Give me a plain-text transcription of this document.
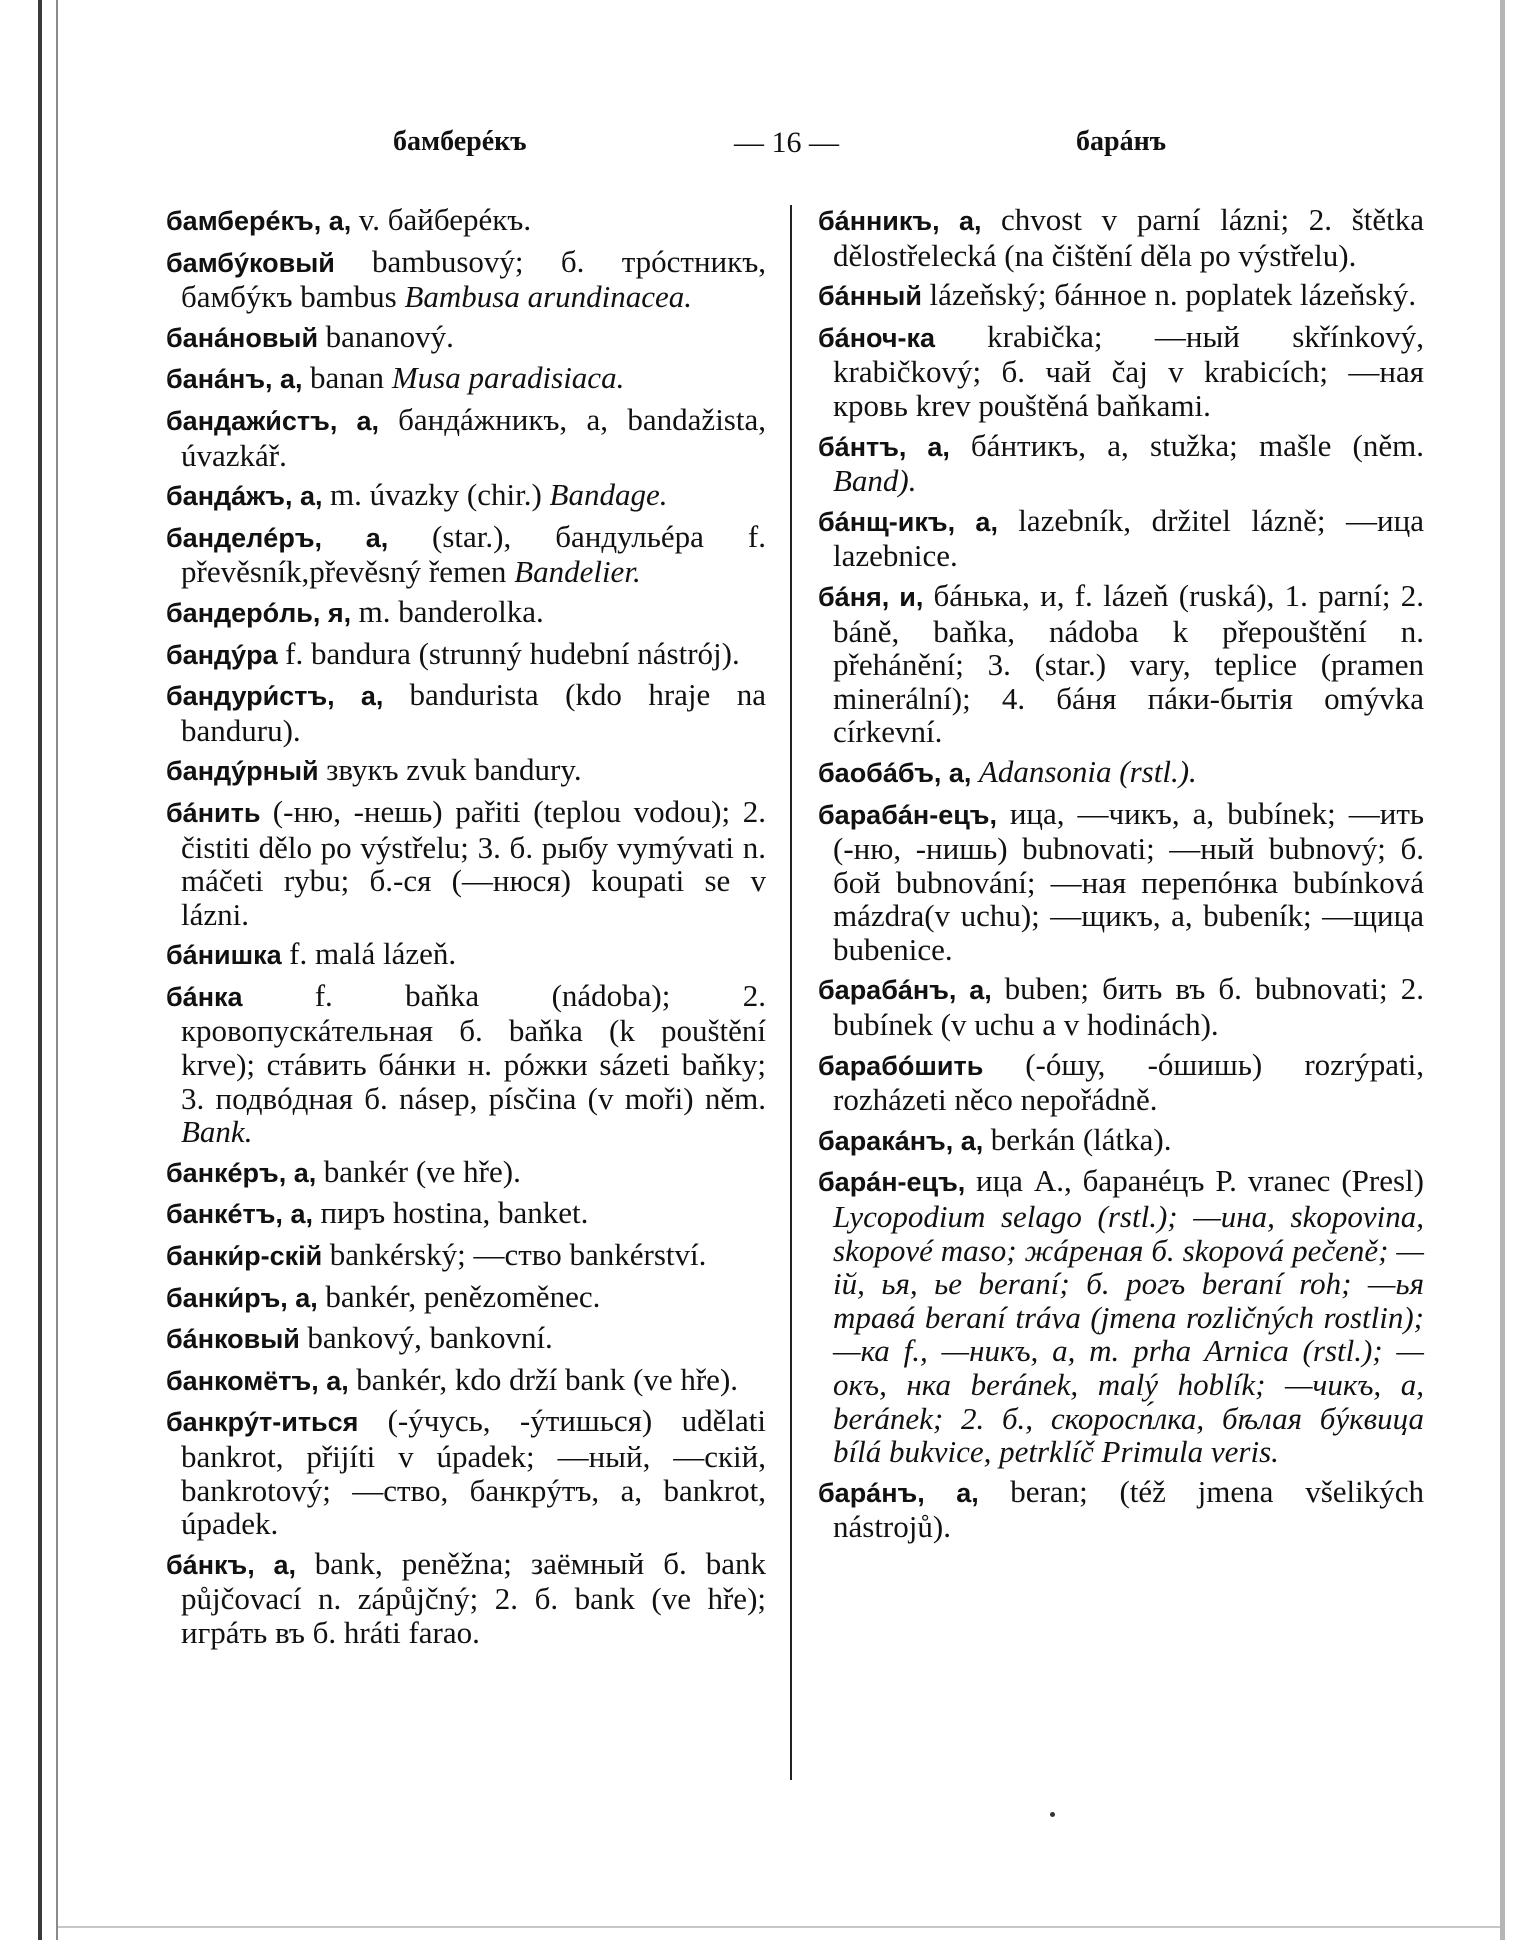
бамберéкъ	— 16 —	барáнъ

бамберéкъ, а, v. байберéкъ.

бамбýковый bambusový; б. трóстникъ, бамбýкъ bambus Bambusa arundinacea.

банáновый bananový.

банáнъ, а, banan Musa paradisiaca.

бандажи́стъ, а, бандáжникъ, а, bandažista, úvazkář.

бандáжъ, а, m. úvazky (chir.) Bandage.

банделéръ, а, (star.), бандульéра f. převěsník,převěsný řemen Bandelier.

бандерóль, я, m. banderolka.

бандýра f. bandura (strunný hudební nástrój).

бандури́стъ, а, bandurista (kdo hraje na banduru).

бандýрный звукъ zvuk bandury.

бáнить (-ню, -нешь) pařiti (teplou vodou); 2. čistiti dělo po výstřelu; 3. б. рыбу vymývati n. máčeti rybu; б.-ся (—нюся) koupati se v lázni.

бáнишка f. malá lázeň.

бáнка f. baňka (nádoba); 2. кровопускáтельная б. baňka (k pouštění krve); стáвить бáнки н. рóжки sázeti baňky; 3. подвóдная б. násep, písčina (v moři) něm. Bank.

банкéръ, а, bankér (ve hře).

банкéтъ, а, пиръ hostina, banket.

банки́р-скiй bankérský; —ство bankérství.

банки́ръ, а, bankér, penězoměnec.

бáнковый bankový, bankovní.

банкомётъ, а, bankér, kdo drží bank (ve hře).

банкрýт-иться (-ýчусь, -ýтишься) udělati bankrot, přijíti v úpadek; —ный, —скiй, bankrotový; —ство, банкрýтъ, а, bankrot, úpadek.

бáнкъ, а, bank, peněžna; заёмный б. bank půjčovací n. zápůjčný; 2. б. bank (ve hře); игрáть въ б. hráti farao.

бáнникъ, а, chvost v parní lázni; 2. štětka dělostřelecká (na čištění děla po výstřelu).

бáнный lázeňský; бáнное n. poplatek lázeňský.

бáноч-ка krabička; —ный skřínkový, krabičkový; б. чай čaj v krabicích; —ная кровь krev pouštěná baňkami.

бáнтъ, а, бáнтикъ, а, stužka; mašle (něm. Band).

бáнщ-икъ, а, lazebník, držitel lázně; —ица lazebnice.

бáня, и, бáнька, и, f. lázeň (ruská), 1. parní; 2. báně, baňka, nádoba k přepouštění n. přehánění; 3. (star.) vary, teplice (pramen minerální); 4. бáня пáки-бытiя omývka církevní.

баобáбъ, а, Adansonia (rstl.).

барабáн-ецъ, ица, —чикъ, а, bubínek; —ить (-ню, -нишь) bubnovati; —ный bubnový; б. бой bubnování; —ная перепóнка bubínková mázdra(v uchu); —щикъ, а, bubeník; —щица bubenice.

барабáнъ, а, buben; бить въ б. bubnovati; 2. bubínek (v uchu a v hodinách).

барабóшить (-óшу, -óшишь) rozrýpati, rozházeti něco nepořádně.

баракáнъ, а, berkán (látka).

барáн-ецъ, ица A., баранéцъ P. vranec (Presl) Lycopodium selago (rstl.); —ина, skopovina, skopové maso; жáреная б. skopová pečeně; —iй, ья, ье beraní; б. рогъ beraní roh; —ья травá beraní tráva (jmena rozličných rostlin); —ка f., —никъ, а, m. prha Arnica (rstl.); —окъ, нка beránek, malý hoblík; —чикъ, а, beránek; 2. б., скоросп́лка, бѣлая бýквица bílá bukvice, petrklíč Primula veris.

барáнъ, а, beran; (též jmena všelikých nástrojů).
